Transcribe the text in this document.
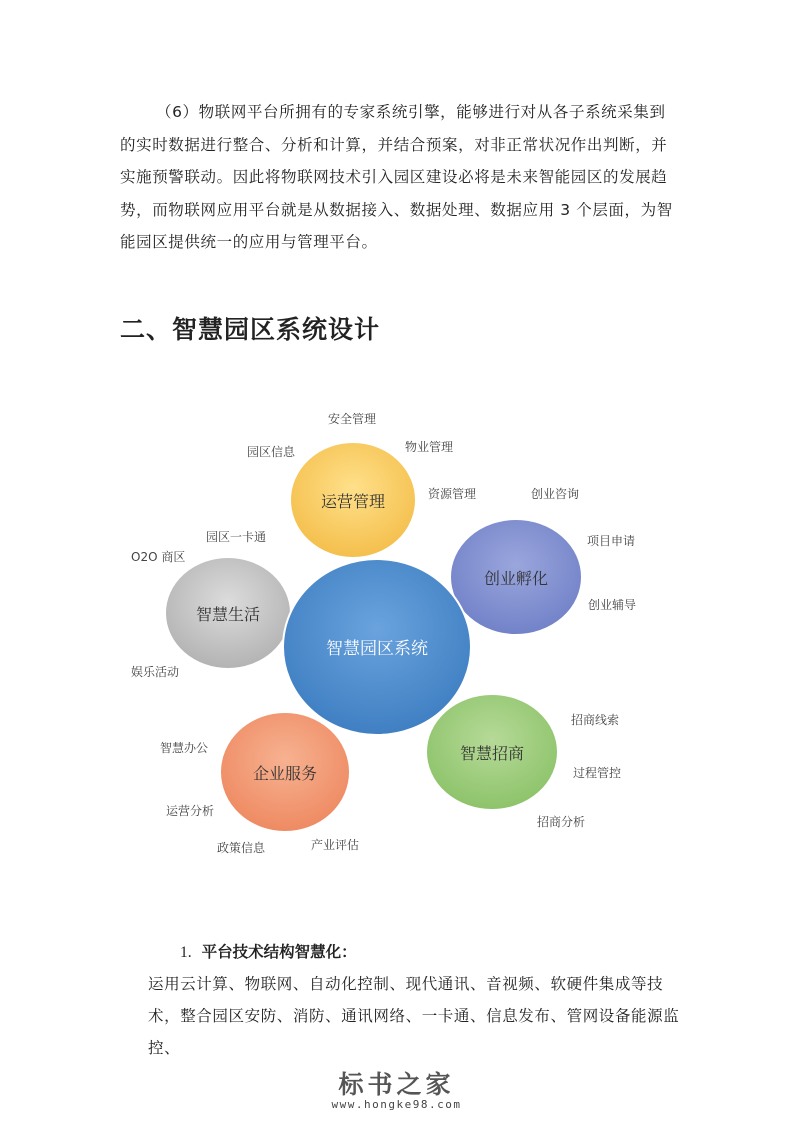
（6）物联网平台所拥有的专家系统引擎，能够进行对从各子系统采集到的实时数据进行整合、分析和计算，并结合预案，对非正常状况作出判断，并实施预警联动。因此将物联网技术引入园区建设必将是未来智能园区的发展趋势，而物联网应用平台就是从数据接入、数据处理、数据应用 3 个层面，为智能园区提供统一的应用与管理平台。

二、智慧园区系统设计
运营管理
创业孵化
智慧招商
企业服务
智慧生活
智慧园区系统
安全管理
园区信息	物业管理
资源管理	创业咨询
项目申请
创业辅导
招商线索
过程管控
招商分析
智慧办公
运营分析
政策信息	产业评估
园区一卡通
O2O 商区
娱乐活动

1. 平台技术结构智慧化：

运用云计算、物联网、自动化控制、现代通讯、音视频、软硬件集成等技术，整合园区安防、消防、通讯网络、一卡通、信息发布、管网设备能源监控、

标书之家
www.hongke98.com
